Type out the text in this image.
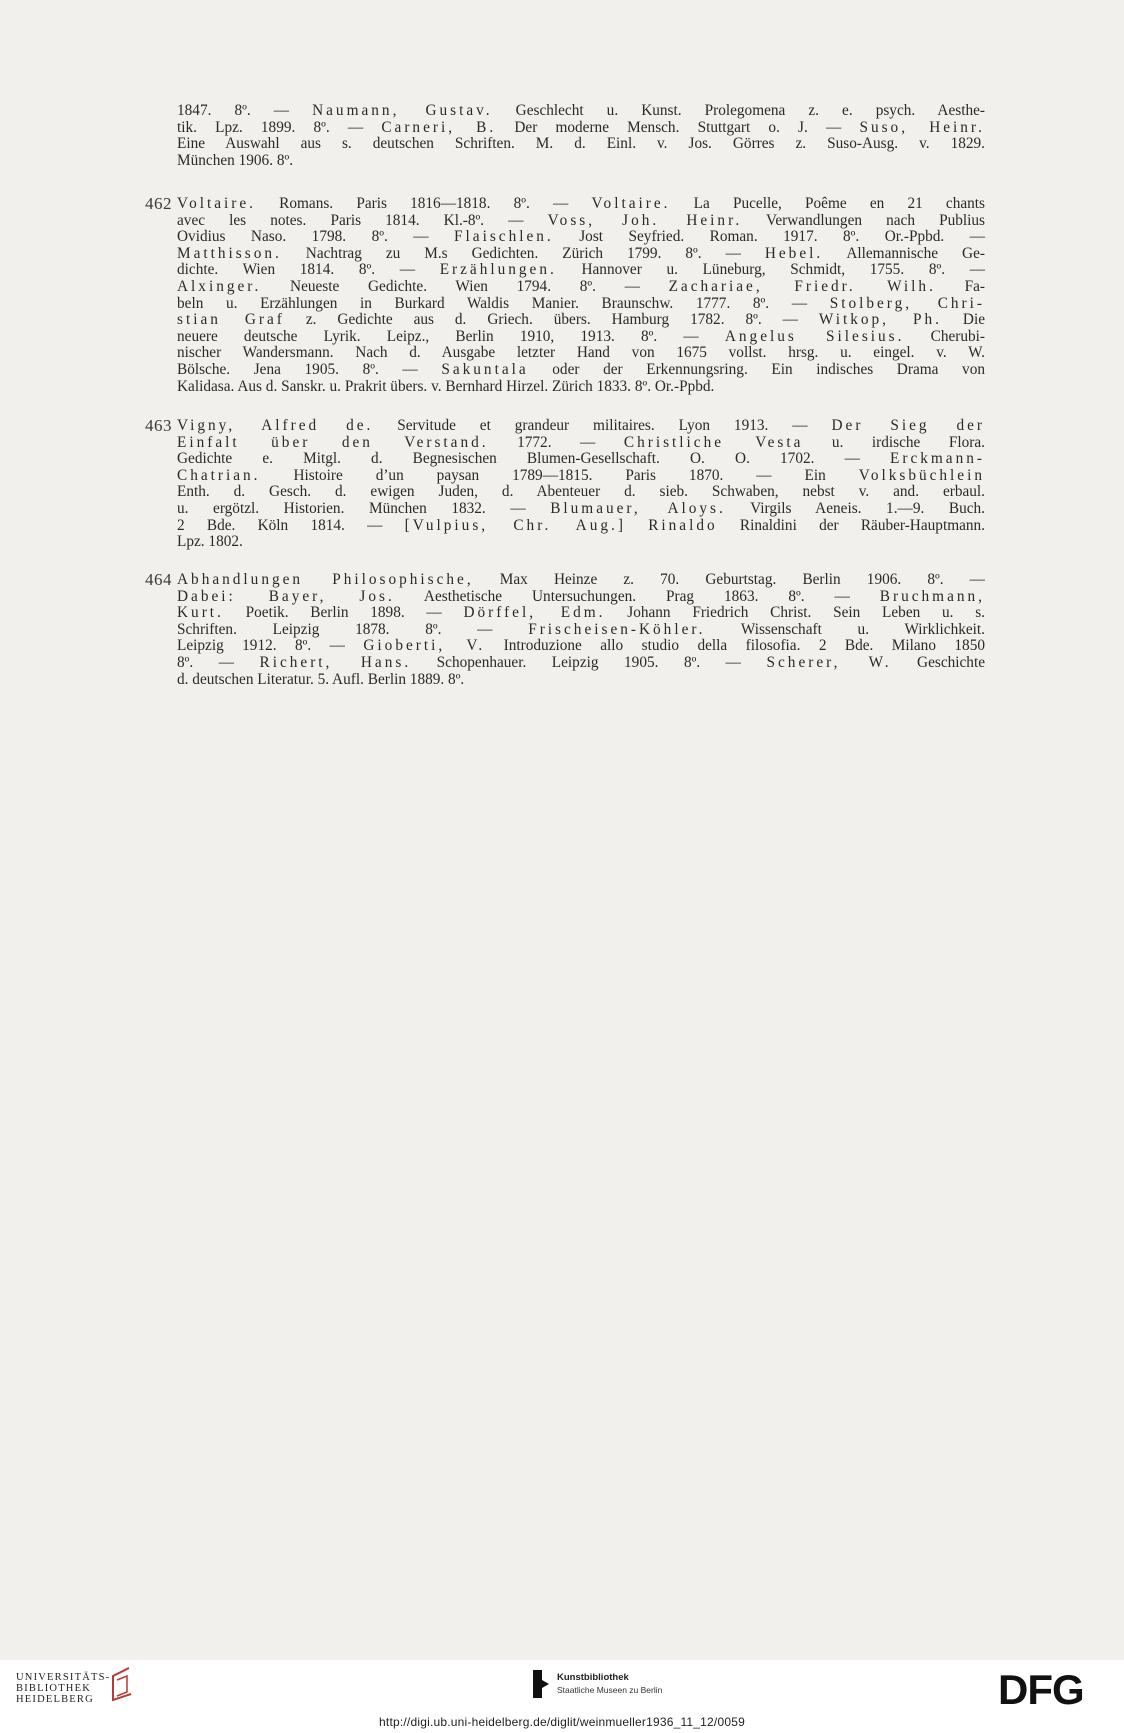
1847. 8º. — Naumann, Gustav. Geschlecht u. Kunst. Prolegomena z. e. psych. Aesthe-
tik. Lpz. 1899. 8º. — Carneri, B. Der moderne Mensch. Stuttgart o. J. — Suso, Heinr.
Eine Auswahl aus s. deutschen Schriften. M. d. Einl. v. Jos. Görres z. Suso-Ausg. v. 1829.
München 1906. 8º.
462 Voltaire. Romans. Paris 1816—1818. 8º. — Voltaire. La Pucelle, Poême en 21 chants
avec les notes. Paris 1814. Kl.-8º. — Voss, Joh. Heinr. Verwandlungen nach Publius
Ovidius Naso. 1798. 8º. — Flaischlen. Jost Seyfried. Roman. 1917. 8º. Or.-Ppbd. —
Matthisson. Nachtrag zu M.s Gedichten. Zürich 1799. 8º. — Hebel. Allemannische Ge-
dichte. Wien 1814. 8º. — Erzählungen. Hannover u. Lüneburg, Schmidt, 1755. 8º. —
Alxinger. Neueste Gedichte. Wien 1794. 8º. — Zachariae, Friedr. Wilh. Fa-
beln u. Erzählungen in Burkard Waldis Manier. Braunschw. 1777. 8º. — Stolberg, Chri-
stian Graf z. Gedichte aus d. Griech. übers. Hamburg 1782. 8º. — Witkop, Ph. Die
neuere deutsche Lyrik. Leipz., Berlin 1910, 1913. 8º. — Angelus Silesius. Cherubi-
nischer Wandersmann. Nach d. Ausgabe letzter Hand von 1675 vollst. hrsg. u. eingel. v. W.
Bölsche. Jena 1905. 8º. — Sakuntala oder der Erkennungsring. Ein indisches Drama von
Kalidasa. Aus d. Sanskr. u. Prakrit übers. v. Bernhard Hirzel. Zürich 1833. 8º. Or.-Ppbd.
463 Vigny, Alfred de. Servitude et grandeur militaires. Lyon 1913. — Der Sieg der
Einfalt über den Verstand. 1772. — Christliche Vesta u. irdische Flora.
Gedichte e. Mitgl. d. Begnesischen Blumen-Gesellschaft. O. O. 1702. — Erckmann-
Chatrian. Histoire d’un paysan 1789—1815. Paris 1870. — Ein Volksbüchlein
Enth. d. Gesch. d. ewigen Juden, d. Abenteuer d. sieb. Schwaben, nebst v. and. erbaul.
u. ergötzl. Historien. München 1832. — Blumauer, Aloys. Virgils Aeneis. 1.—9. Buch.
2 Bde. Köln 1814. — [Vulpius, Chr. Aug.] Rinaldo Rinaldini der Räuber-Hauptmann.
Lpz. 1802.
464 Abhandlungen Philosophische, Max Heinze z. 70. Geburtstag. Berlin 1906. 8º. —
Dabei: Bayer, Jos. Aesthetische Untersuchungen. Prag 1863. 8º. — Bruchmann,
Kurt. Poetik. Berlin 1898. — Dörffel, Edm. Johann Friedrich Christ. Sein Leben u. s.
Schriften. Leipzig 1878. 8º. — Frischeisen-Köhler. Wissenschaft u. Wirklichkeit.
Leipzig 1912. 8º. — Gioberti, V. Introduzione allo studio della filosofia. 2 Bde. Milano 1850
8º. — Richert, Hans. Schopenhauer. Leipzig 1905. 8º. — Scherer, W. Geschichte
d. deutschen Literatur. 5. Aufl. Berlin 1889. 8º.
UNIVERSITÄTS-
BIBLIOTHEK
HEIDELBERG
Kunstbibliothek
Staatliche Museen zu Berlin	DFG
http://digi.ub.uni-heidelberg.de/diglit/weinmueller1936_11_12/0059
